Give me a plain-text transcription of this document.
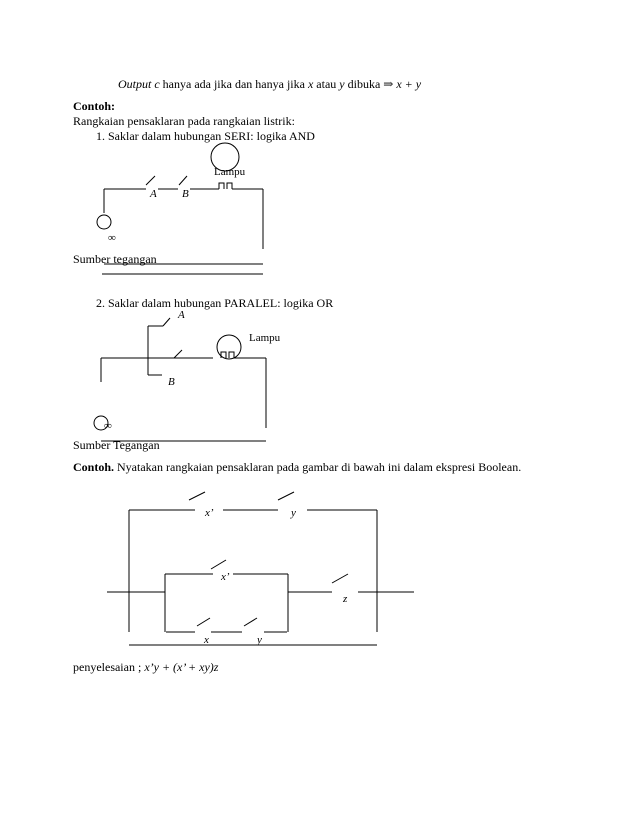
Output c hanya ada jika dan hanya jika x atau y dibuka ⇒ x + y
Contoh:
Rangkaian pensaklaran pada rangkaian listrik:
1. Saklar dalam hubungan SERI: logika AND
Lampu
A B
∞
Sumber tegangan
2. Saklar dalam hubungan PARALEL: logika OR
A
Lampu
B
∞
Sumber Tegangan
Contoh. Nyatakan rangkaian pensaklaran pada gambar di bawah ini dalam ekspresi Boolean.
x’	y
x’
z
x	y
penyelesaian ; x’y + (x’ + xy)z
